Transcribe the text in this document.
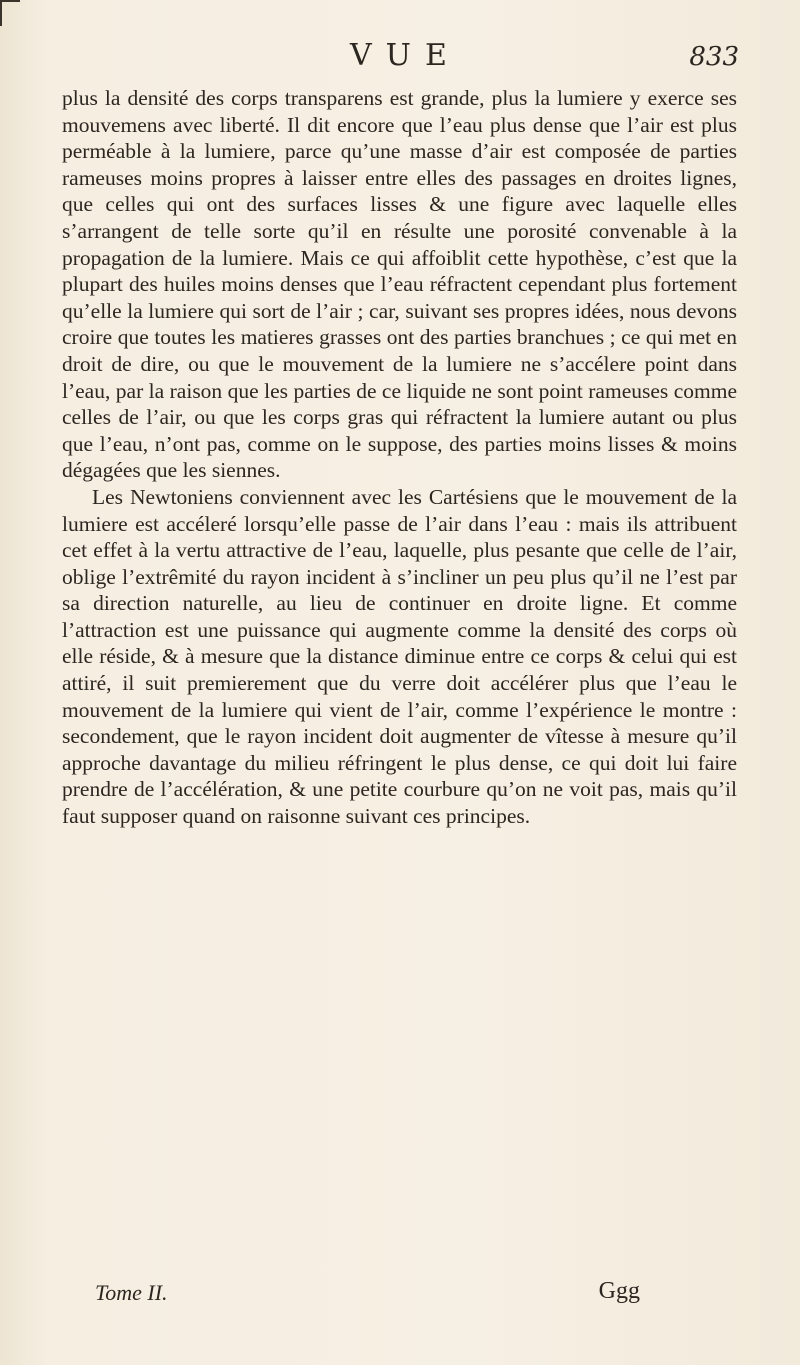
VUE	833

plus la densité des corps transparens est grande, plus la lumiere y exerce ses mouvemens avec liberté. Il dit encore que l’eau plus dense que l’air est plus perméable à la lumiere, parce qu’une masse d’air est composée de parties rameuses moins propres à laisser entre elles des passages en droites lignes, que celles qui ont des surfaces lisses & une figure avec laquelle elles s’arrangent de telle sorte qu’il en résulte une porosité convenable à la propagation de la lumiere. Mais ce qui affoiblit cette hypothèse, c’est que la plupart des huiles moins denses que l’eau réfractent cependant plus fortement qu’elle la lumiere qui sort de l’air ; car, suivant ses propres idées, nous devons croire que toutes les matieres grasses ont des parties branchues ; ce qui met en droit de dire, ou que le mouvement de la lumiere ne s’accélere point dans l’eau, par la raison que les parties de ce liquide ne sont point rameuses comme celles de l’air, ou que les corps gras qui réfractent la lumiere autant ou plus que l’eau, n’ont pas, comme on le suppose, des parties moins lisses & moins dégagées que les siennes.

Les Newtoniens conviennent avec les Cartésiens que le mouvement de la lumiere est accéleré lorsqu’elle passe de l’air dans l’eau : mais ils attribuent cet effet à la vertu attractive de l’eau, laquelle, plus pesante que celle de l’air, oblige l’extrêmité du rayon incident à s’incliner un peu plus qu’il ne l’est par sa direction naturelle, au lieu de continuer en droite ligne. Et comme l’attraction est une puissance qui augmente comme la densité des corps où elle réside, & à mesure que la distance diminue entre ce corps & celui qui est attiré, il suit premierement que du verre doit accélérer plus que l’eau le mouvement de la lumiere qui vient de l’air, comme l’expérience le montre : secondement, que le rayon incident doit augmenter de vîtesse à mesure qu’il approche davantage du milieu réfringent le plus dense, ce qui doit lui faire prendre de l’accélération, & une petite courbure qu’on ne voit pas, mais qu’il faut supposer quand on raisonne suivant ces principes.

Tome II.	Ggg
